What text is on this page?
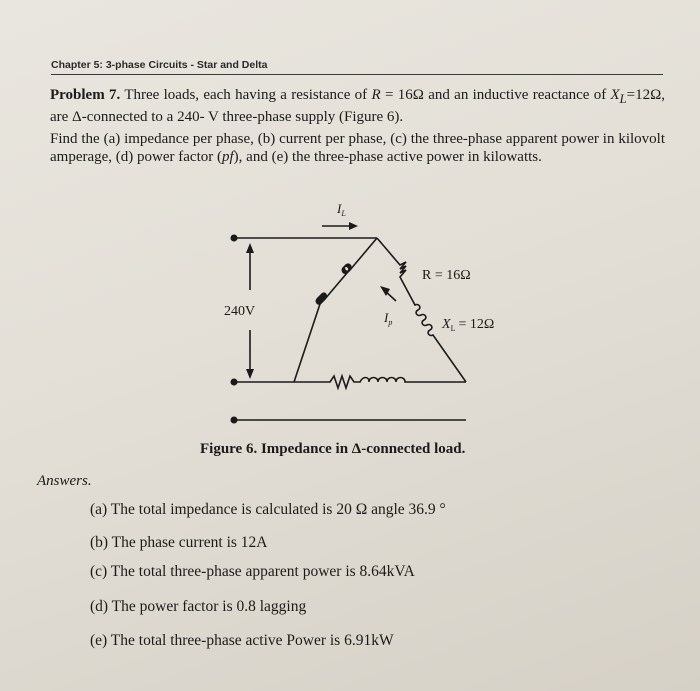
Chapter 5: 3-phase Circuits - Star and Delta

Problem 7. Three loads, each having a resistance of R = 16Ω and an inductive reactance of $X_L=12\Omega$, are Δ-connected to a 240- V three-phase supply (Figure 6).

Find the (a) impedance per phase, (b) current per phase, (c) the three-phase apparent power in kilovolt amperage, (d) power factor (pf), and (e) the three-phase active power in kilowatts.

$I_L$
R = 16Ω
240V	$I_p$	$X_L = 12\Omega$
Figure 6. Impedance in Δ-connected load.
Answers.
(a) The total impedance is calculated is 20 Ω angle 36.9 °
(b) The phase current is 12A
(c) The total three-phase apparent power is 8.64kVA
(d) The power factor is 0.8 lagging
(e) The total three-phase active Power is 6.91kW
